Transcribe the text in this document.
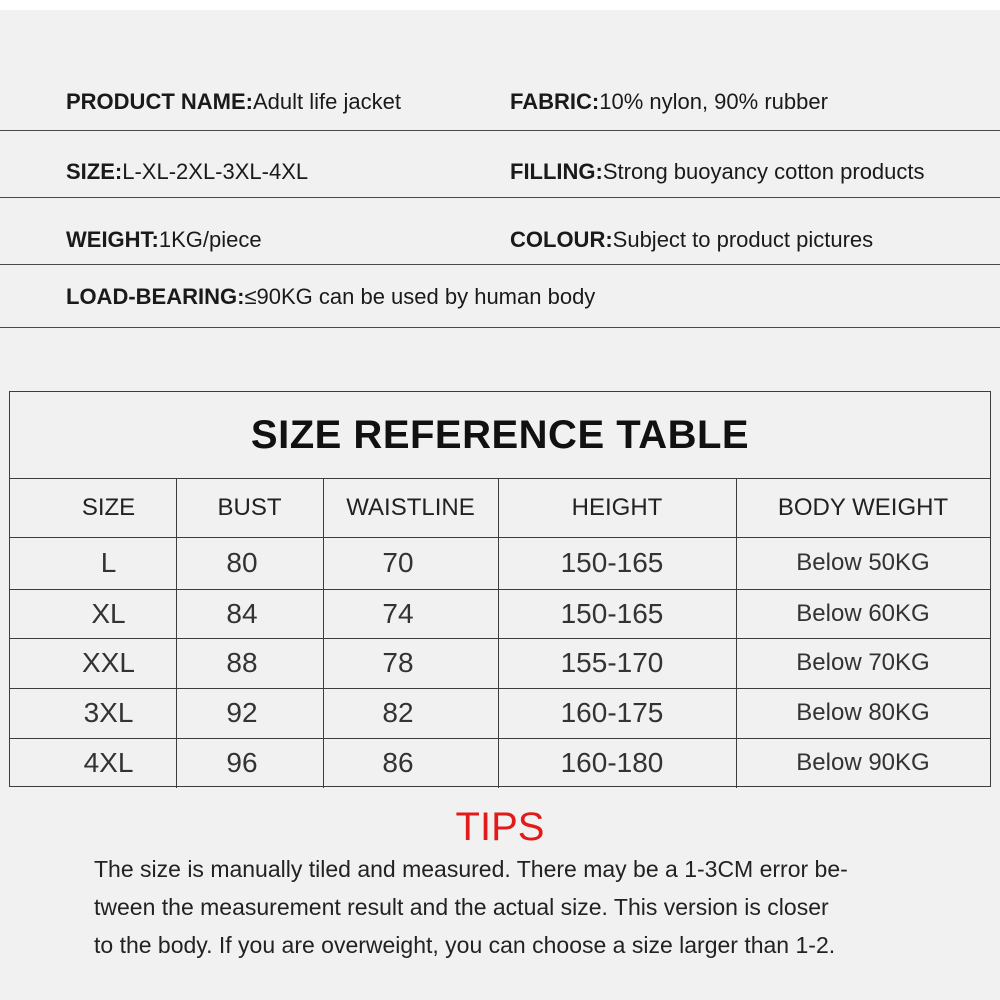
PRODUCT NAME: Adult life jacket	FABRIC: 10% nylon, 90% rubber
SIZE: L-XL-2XL-3XL-4XL	FILLING: Strong buoyancy cotton products
WEIGHT: 1KG/piece	COLOUR: Subject to product pictures
LOAD-BEARING: ≤90KG can be used by human body
SIZE REFERENCE TABLE
SIZE	BUST	WAISTLINE	HEIGHT	BODY WEIGHT
L	80	70	150-165	Below 50KG
XL	84	74	150-165	Below 60KG
XXL	88	78	155-170	Below 70KG
3XL	92	82	160-175	Below 80KG
4XL	96	86	160-180	Below 90KG
TIPS
The size is manually tiled and measured. There may be a 1-3CM error be-
tween the measurement result and the actual size. This version is closer
to the body. If you are overweight, you can choose a size larger than 1-2.
